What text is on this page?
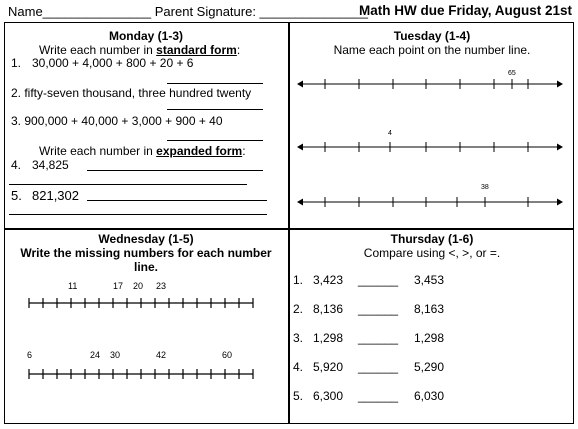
Name_______________ Parent Signature: _______________
Math HW due Friday, August 21st
Monday (1-3)
Write each number in standard form:
1. 30,000 + 4,000 + 800 + 20 + 6
2. fifty-seven thousand, three hundred twenty
3. 900,000 + 40,000 + 3,000 + 900 + 40
Write each number in expanded form:
4. 34,825
5. 821,302
Tuesday (1-4)
Name each point on the number line.
65
4
38
Wednesday (1-5)
Write the missing numbers for each number
line.
11	17 20 23
6	24 30	42	60
Thursday (1-6)
Compare using <, >, or =.
1. 3,423 ______ 3,453
2. 8,136 ______ 8,163
3. 1,298 ______ 1,298
4. 5,920 ______ 5,290
5. 6,300 ______ 6,030
